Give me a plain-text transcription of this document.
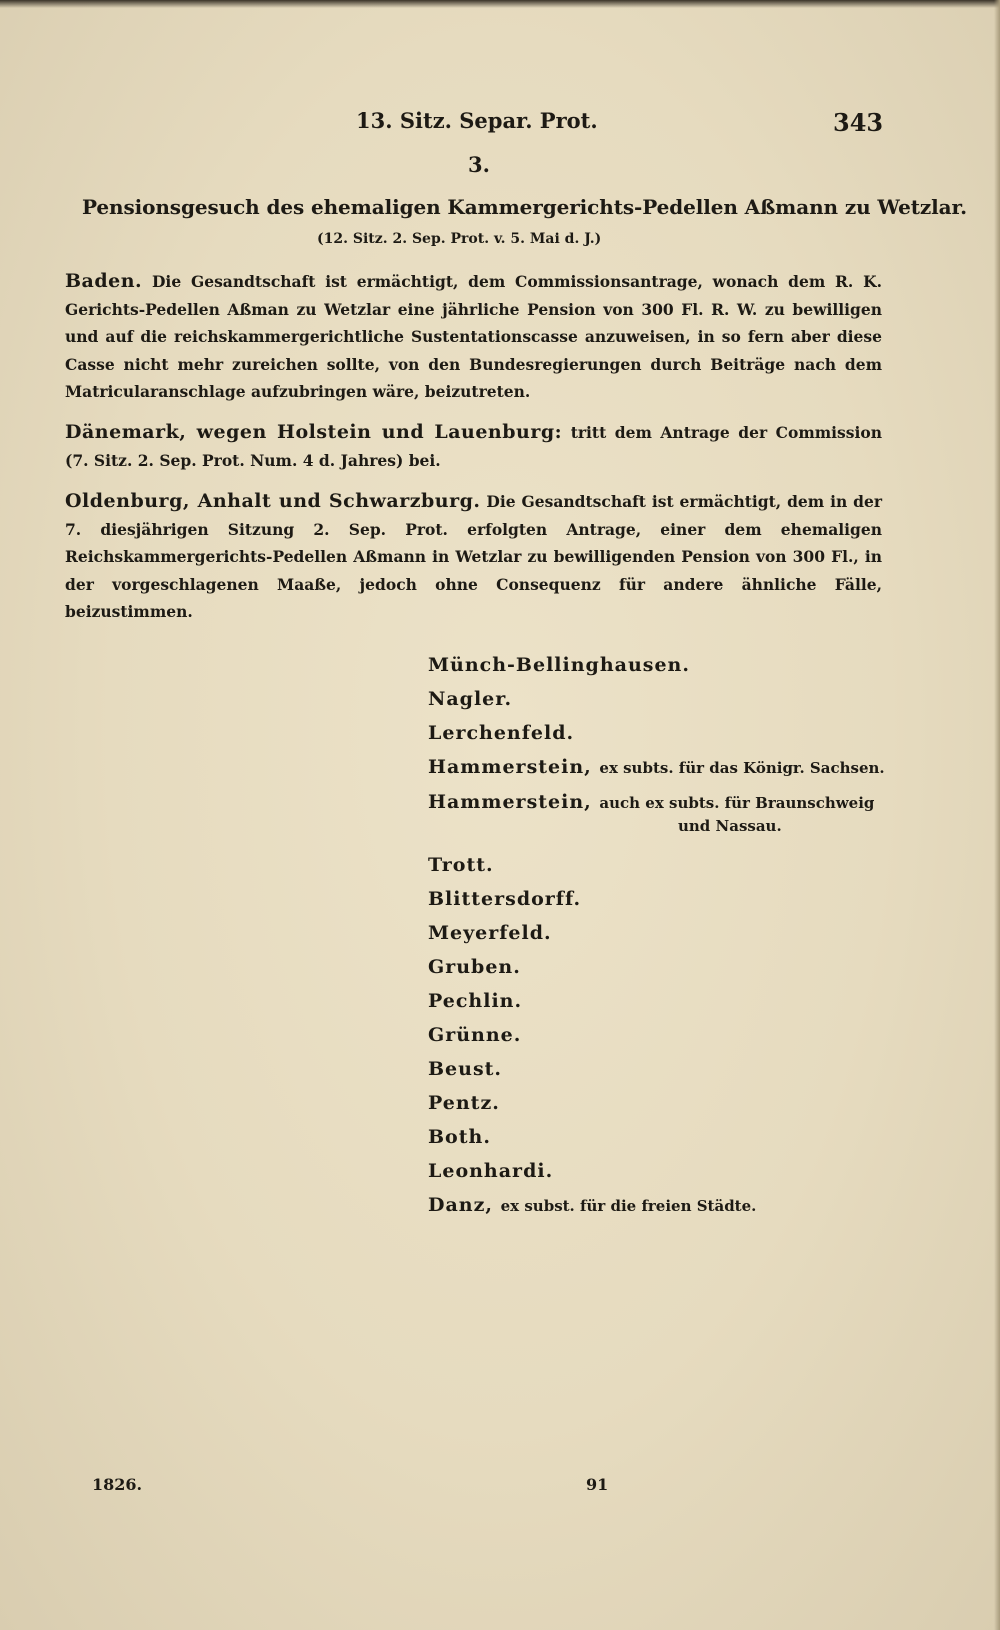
13. Sitz. Separ. Prot.	343
3.
Pensionsgesuch des ehemaligen Kammergerichts-Pedellen Aßmann zu Wetzlar.
(12. Sitz. 2. Sep. Prot. v. 5. Mai d. J.)
Baden. Die Gesandtschaft ist ermächtigt, dem Commissionsantrage, wonach dem R. K. Gerichts-Pedellen Aßman zu Wetzlar eine jährliche Pension von 300 Fl. R. W. zu bewilligen und auf die reichskammergerichtliche Sustentationscasse anzuweisen, in so fern aber diese Casse nicht mehr zureichen sollte, von den Bundesregierungen durch Beiträge nach dem Matricularanschlage aufzubringen wäre, beizutreten.
Dänemark, wegen Holstein und Lauenburg: tritt dem Antrage der Commission (7. Sitz. 2. Sep. Prot. Num. 4 d. Jahres) bei.
Oldenburg, Anhalt und Schwarzburg. Die Gesandtschaft ist ermächtigt, dem in der 7. diesjährigen Sitzung 2. Sep. Prot. erfolgten Antrage, einer dem ehemaligen Reichskammergerichts-Pedellen Aßmann in Wetzlar zu bewilligenden Pension von 300 Fl., in der vorgeschlagenen Maaße, jedoch ohne Consequenz für andere ähnliche Fälle, beizustimmen.
Münch-Bellinghausen.
Nagler.
Lerchenfeld.
Hammerstein, ex subts. für das Königr. Sachsen.
Hammerstein, auch ex subts. für Braunschweig
und Nassau.
Trott.
Blittersdorff.
Meyerfeld.
Gruben.
Pechlin.
Grünne.
Beust.
Pentz.
Both.
Leonhardi.
Danz, ex subst. für die freien Städte.
1826.	91
